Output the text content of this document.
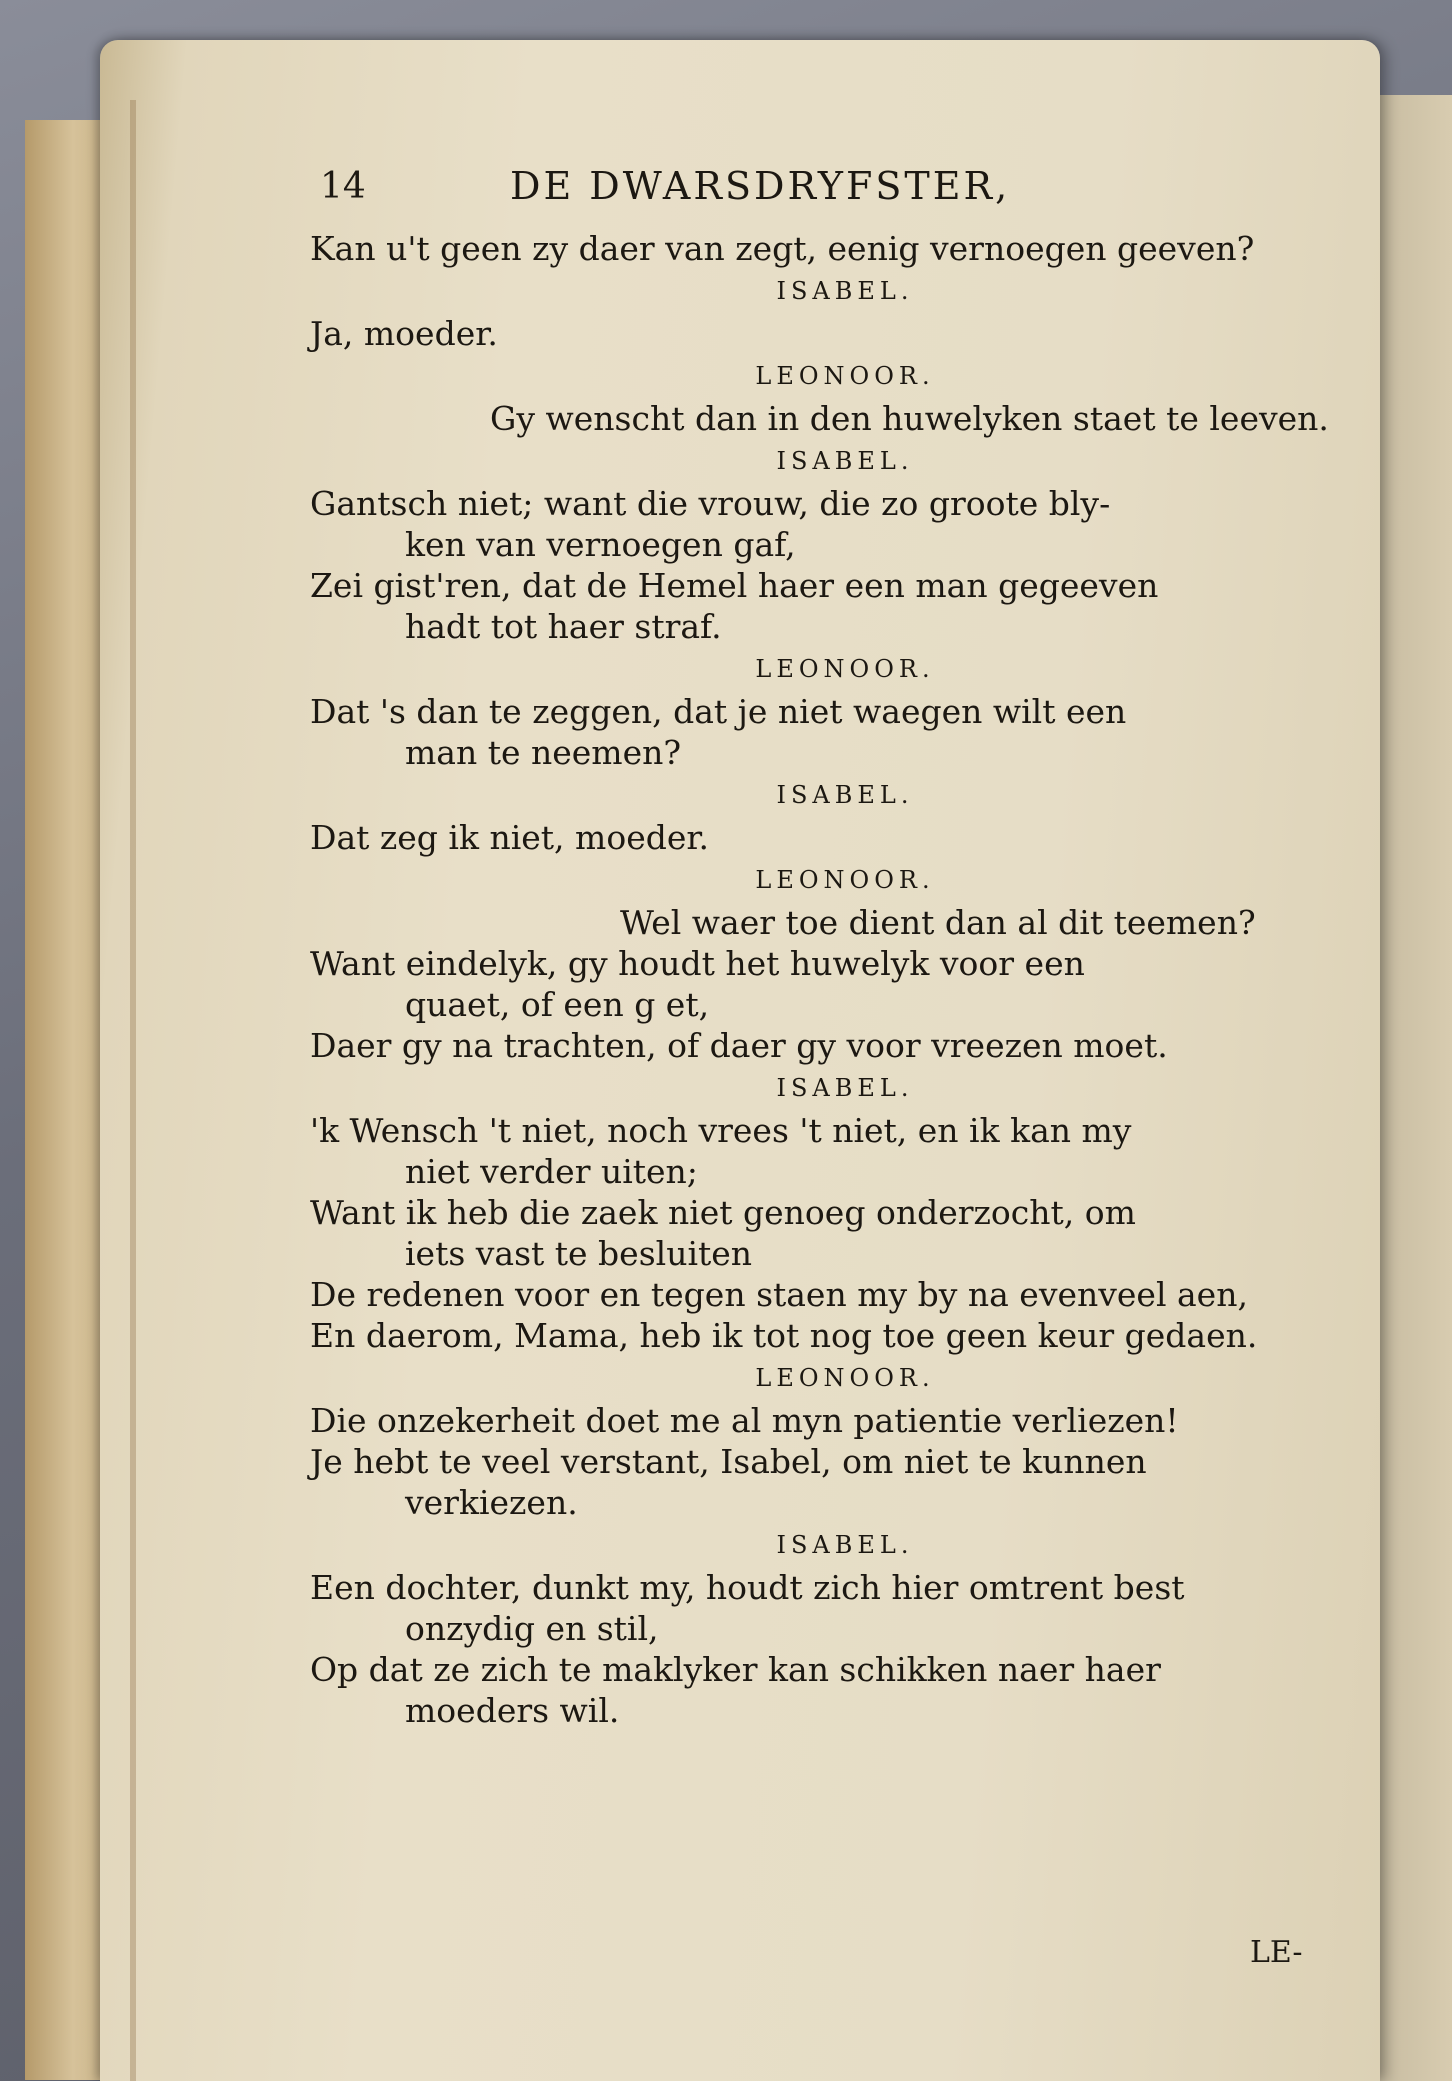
14	DE DWARSDRYFSTER,

Kan u't geen zy daer van zegt, eenig vernoegen geeven?

ISABEL.

Ja, moeder.

LEONOOR.

Gy wenscht dan in den huwelyken staet te leeven.

ISABEL.

Gantsch niet; want die vrouw, die zo groote bly-

ken van vernoegen gaf,

Zei gist'ren, dat de Hemel haer een man gegeeven

hadt tot haer straf.

LEONOOR.

Dat 's dan te zeggen, dat je niet waegen wilt een

man te neemen?

ISABEL.

Dat zeg ik niet, moeder.

LEONOOR.

Wel waer toe dient dan al dit teemen?

Want eindelyk, gy houdt het huwelyk voor een

quaet, of een g et,

Daer gy na trachten, of daer gy voor vreezen moet.

ISABEL.

'k Wensch 't niet, noch vrees 't niet, en ik kan my

niet verder uiten;

Want ik heb die zaek niet genoeg onderzocht, om

iets vast te besluiten

De redenen voor en tegen staen my by na evenveel aen,

En daerom, Mama, heb ik tot nog toe geen keur gedaen.

LEONOOR.

Die onzekerheit doet me al myn patientie verliezen!

Je hebt te veel verstant, Isabel, om niet te kunnen

verkiezen.

ISABEL.

Een dochter, dunkt my, houdt zich hier omtrent best

onzydig en stil,

Op dat ze zich te maklyker kan schikken naer haer

moeders wil.

LE-
